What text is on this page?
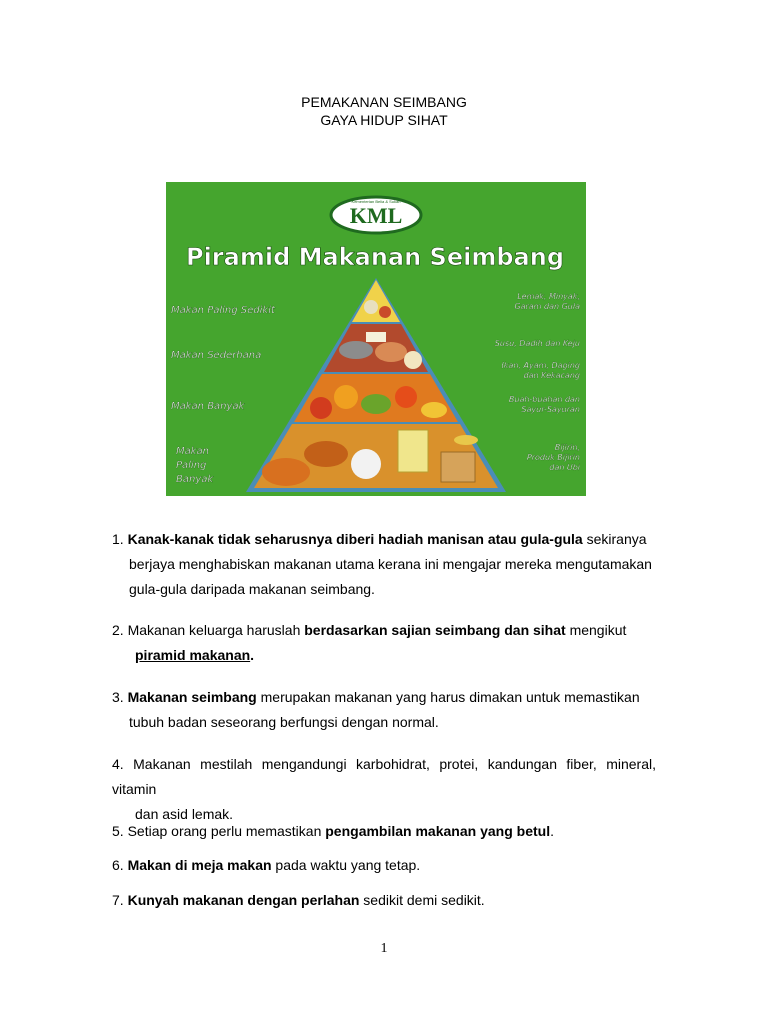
PEMAKANAN SEIMBANG
GAYA HIDUP SIHAT
Kementerian Belia & Sukan
KML
Piramid Makanan Seimbang
Makan Paling Sedikit
Makan Sederhana
Makan Banyak
Makan
Paling
Banyak
Lemak, Minyak,
Garam dan Gula
Susu, Dadih dan Keju
Ikan, Ayam, Daging
dan Kekacang
Buah-buahan dan
Sayur-Sayuran
Bijirin,
Produk Bijirin
dan Ubi
1. Kanak-kanak tidak seharusnya diberi hadiah manisan atau gula-gula sekiranya
berjaya menghabiskan makanan utama kerana ini mengajar mereka mengutamakan
gula-gula daripada makanan seimbang.
2. Makanan keluarga haruslah berdasarkan sajian seimbang dan sihat mengikut
piramid makanan.
3. Makanan seimbang merupakan makanan yang harus dimakan untuk memastikan
tubuh badan seseorang berfungsi dengan normal.
4. Makanan mestilah mengandungi karbohidrat, protei, kandungan fiber, mineral, vitamin
dan asid lemak.
5. Setiap orang perlu memastikan pengambilan makanan yang betul.
6. Makan di meja makan pada waktu yang tetap.
7. Kunyah makanan dengan perlahan sedikit demi sedikit.
1
